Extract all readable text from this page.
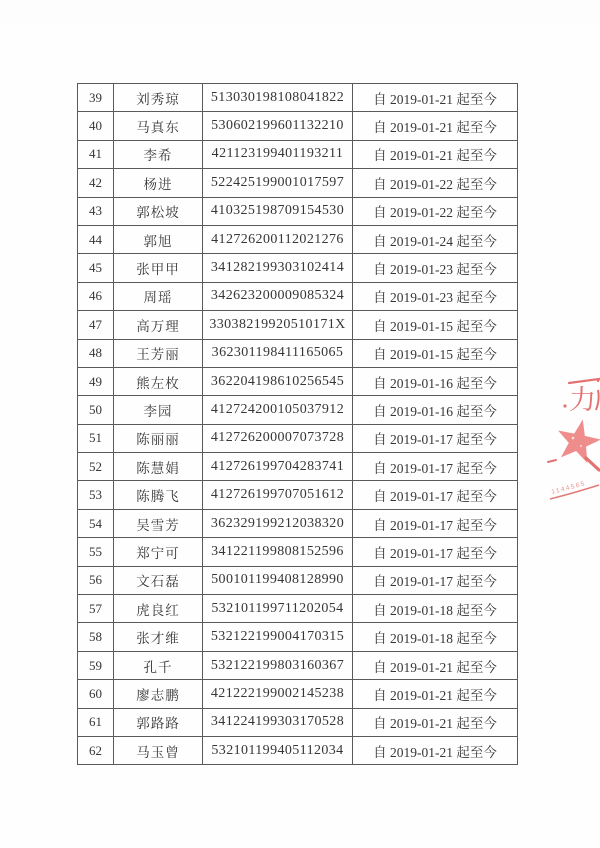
39	刘秀琼	513030198108041822	自 2019-01-21 起至今
40	马真东	530602199601132210	自 2019-01-21 起至今
41	李希	421123199401193211	自 2019-01-21 起至今
42	杨进	522425199001017597	自 2019-01-22 起至今
43	郭松坡	410325198709154530	自 2019-01-22 起至今
44	郭旭	412726200112021276	自 2019-01-24 起至今
45	张甲甲	341282199303102414	自 2019-01-23 起至今
46	周瑶	342623200009085324	自 2019-01-23 起至今
47	高万理	33038219920510171X	自 2019-01-15 起至今
48	王芳丽	362301198411165065	自 2019-01-15 起至今
49	熊左枚	362204198610256545	自 2019-01-16 起至今
50	李园	412724200105037912	自 2019-01-16 起至今
51	陈丽丽	412726200007073728	自 2019-01-17 起至今
52	陈慧娟	412726199704283741	自 2019-01-17 起至今
53	陈腾飞	412726199707051612	自 2019-01-17 起至今
54	吴雪芳	362329199212038320	自 2019-01-17 起至今
55	郑宁可	341221199808152596	自 2019-01-17 起至今
56	文石磊	500101199408128990	自 2019-01-17 起至今
57	虎良红	532101199711202054	自 2019-01-18 起至今
58	张才维	532122199004170315	自 2019-01-18 起至今
59	孔千	532122199803160367	自 2019-01-21 起至今
60	廖志鹏	421222199002145238	自 2019-01-21 起至今
61	郭路路	341224199303170528	自 2019-01-21 起至今
62	马玉曾	532101199405112034	自 2019-01-21 起至今
力
1144565
